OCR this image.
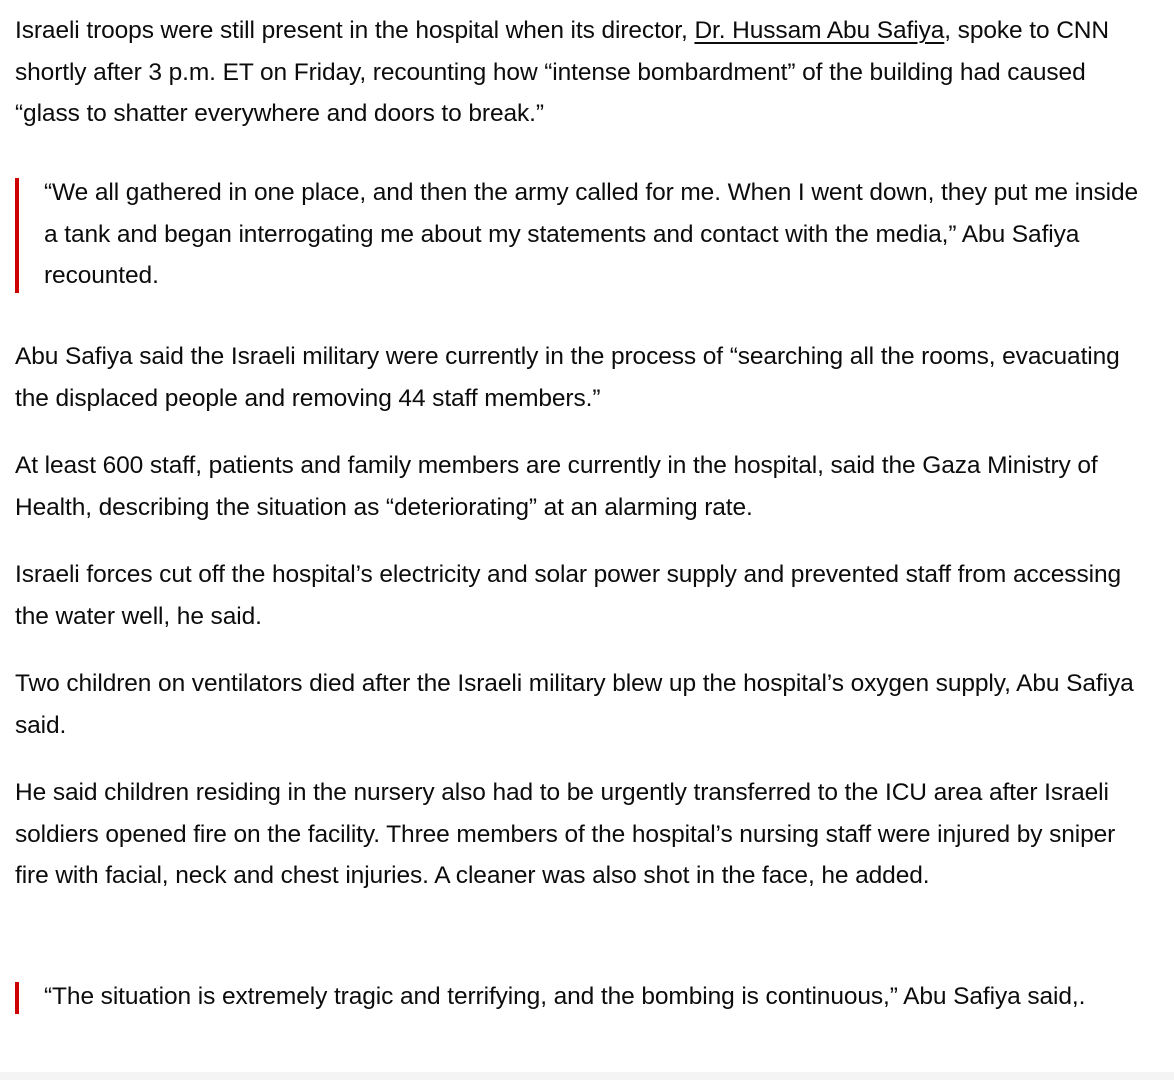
Israeli troops were still present in the hospital when its director, Dr. Hussam Abu Safiya, spoke to CNN shortly after 3 p.m. ET on Friday, recounting how “intense bombardment” of the building had caused “glass to shatter everywhere and doors to break.”

“We all gathered in one place, and then the army called for me. When I went down, they put me inside a tank and began interrogating me about my statements and contact with the media,” Abu Safiya recounted.

Abu Safiya said the Israeli military were currently in the process of “searching all the rooms, evacuating the displaced people and removing 44 staff members.”

At least 600 staff, patients and family members are currently in the hospital, said the Gaza Ministry of Health, describing the situation as “deteriorating” at an alarming rate.

Israeli forces cut off the hospital’s electricity and solar power supply and prevented staff from accessing the water well, he said.

Two children on ventilators died after the Israeli military blew up the hospital’s oxygen supply, Abu Safiya said.

He said children residing in the nursery also had to be urgently transferred to the ICU area after Israeli soldiers opened fire on the facility. Three members of the hospital’s nursing staff were injured by sniper fire with facial, neck and chest injuries. A cleaner was also shot in the face, he added.

“The situation is extremely tragic and terrifying, and the bombing is continuous,” Abu Safiya said,.
